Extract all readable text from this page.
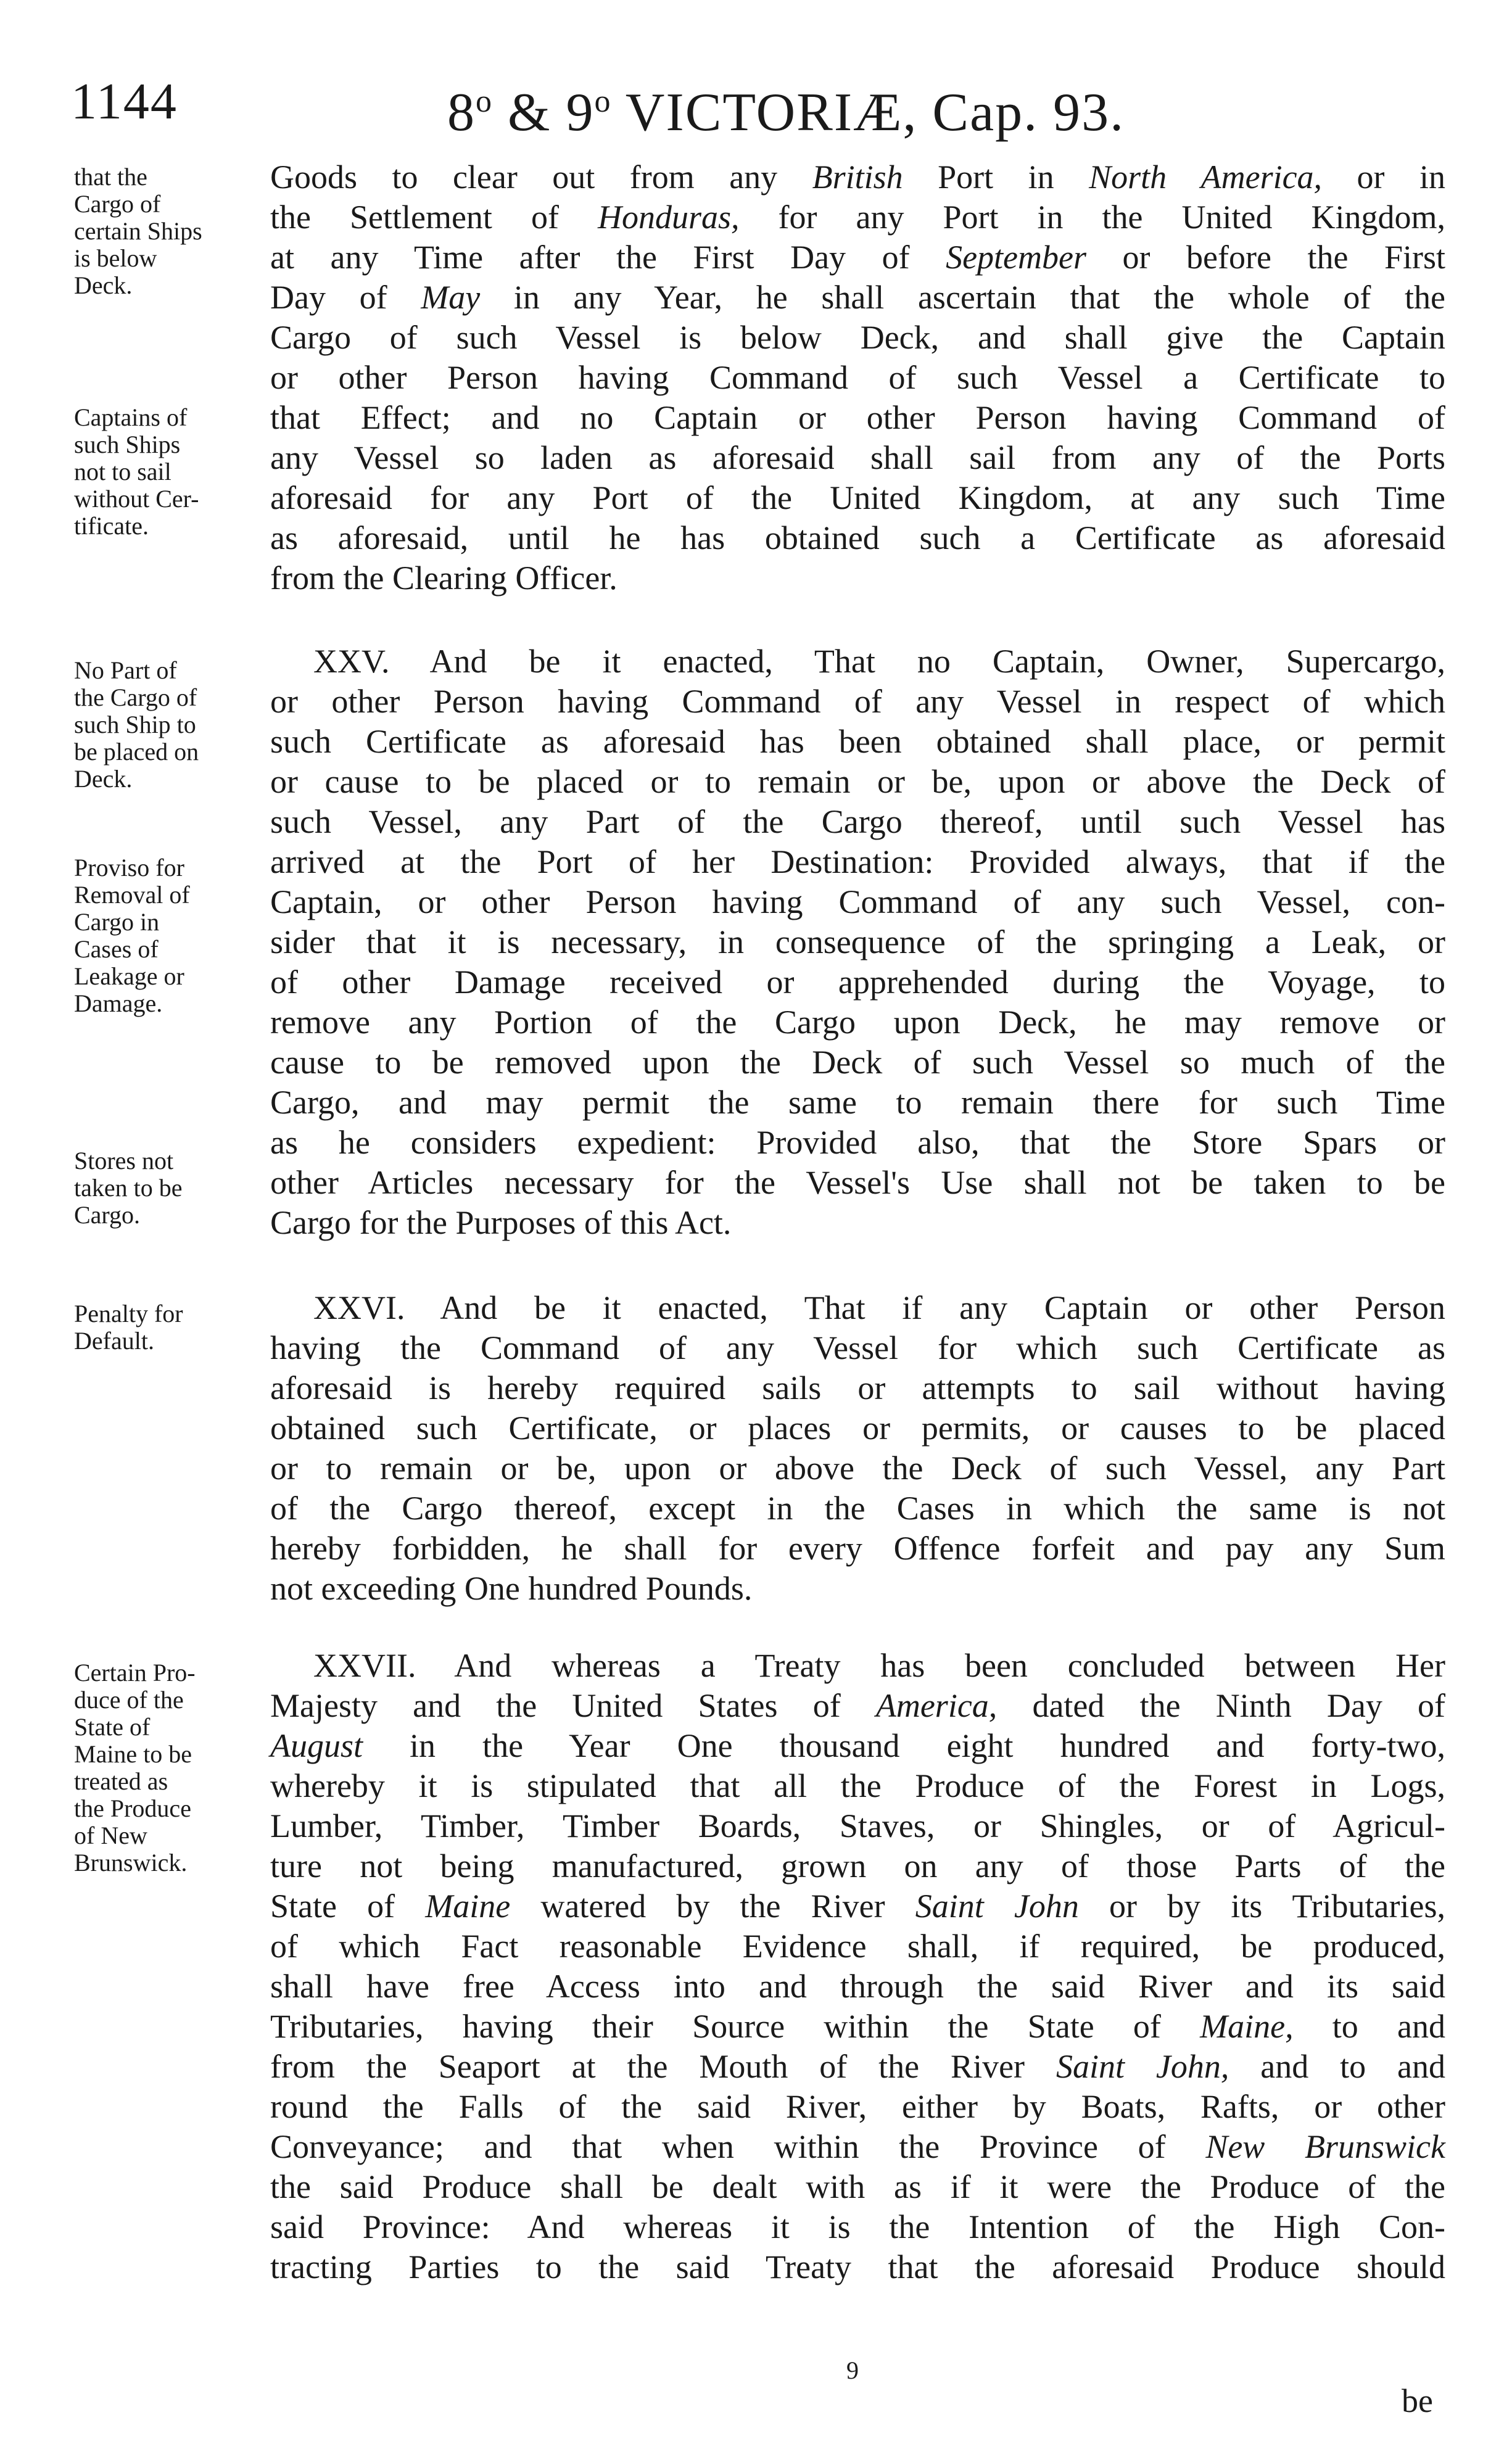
1144	8$^o$ & 9$^o$ VICTORIÆ, Cap. 93.
that the
Cargo of
certain Ships
is below
Deck.
Captains of
such Ships
not to sail
without Cer-
tificate.
Goods to clear out from any British Port in North America, or in
the Settlement of Honduras, for any Port in the United Kingdom,
at any Time after the First Day of September or before the First
Day of May in any Year, he shall ascertain that the whole of the
Cargo of such Vessel is below Deck, and shall give the Captain
or other Person having Command of such Vessel a Certificate to
that Effect; and no Captain or other Person having Command of
any Vessel so laden as aforesaid shall sail from any of the Ports
aforesaid for any Port of the United Kingdom, at any such Time
as aforesaid, until he has obtained such a Certificate as aforesaid
from the Clearing Officer.
No Part of
the Cargo of
such Ship to
be placed on
Deck.
Proviso for
Removal of
Cargo in
Cases of
Leakage or
Damage.
Stores not
taken to be
Cargo.
XXV. And be it enacted, That no Captain, Owner, Supercargo,
or other Person having Command of any Vessel in respect of which
such Certificate as aforesaid has been obtained shall place, or permit
or cause to be placed or to remain or be, upon or above the Deck of
such Vessel, any Part of the Cargo thereof, until such Vessel has
arrived at the Port of her Destination: Provided always, that if the
Captain, or other Person having Command of any such Vessel, con-
sider that it is necessary, in consequence of the springing a Leak, or
of other Damage received or apprehended during the Voyage, to
remove any Portion of the Cargo upon Deck, he may remove or
cause to be removed upon the Deck of such Vessel so much of the
Cargo, and may permit the same to remain there for such Time
as he considers expedient: Provided also, that the Store Spars or
other Articles necessary for the Vessel's Use shall not be taken to be
Cargo for the Purposes of this Act.
Penalty for
Default.
XXVI. And be it enacted, That if any Captain or other Person
having the Command of any Vessel for which such Certificate as
aforesaid is hereby required sails or attempts to sail without having
obtained such Certificate, or places or permits, or causes to be placed
or to remain or be, upon or above the Deck of such Vessel, any Part
of the Cargo thereof, except in the Cases in which the same is not
hereby forbidden, he shall for every Offence forfeit and pay any Sum
not exceeding One hundred Pounds.
Certain Pro-
duce of the
State of
Maine to be
treated as
the Produce
of New
Brunswick.
XXVII. And whereas a Treaty has been concluded between Her
Majesty and the United States of America, dated the Ninth Day of
August in the Year One thousand eight hundred and forty-two,
whereby it is stipulated that all the Produce of the Forest in Logs,
Lumber, Timber, Timber Boards, Staves, or Shingles, or of Agricul-
ture not being manufactured, grown on any of those Parts of the
State of Maine watered by the River Saint John or by its Tributaries,
of which Fact reasonable Evidence shall, if required, be produced,
shall have free Access into and through the said River and its said
Tributaries, having their Source within the State of Maine, to and
from the Seaport at the Mouth of the River Saint John, and to and
round the Falls of the said River, either by Boats, Rafts, or other
Conveyance; and that when within the Province of New Brunswick
the said Produce shall be dealt with as if it were the Produce of the
said Province: And whereas it is the Intention of the High Con-
tracting Parties to the said Treaty that the aforesaid Produce should
9
be
